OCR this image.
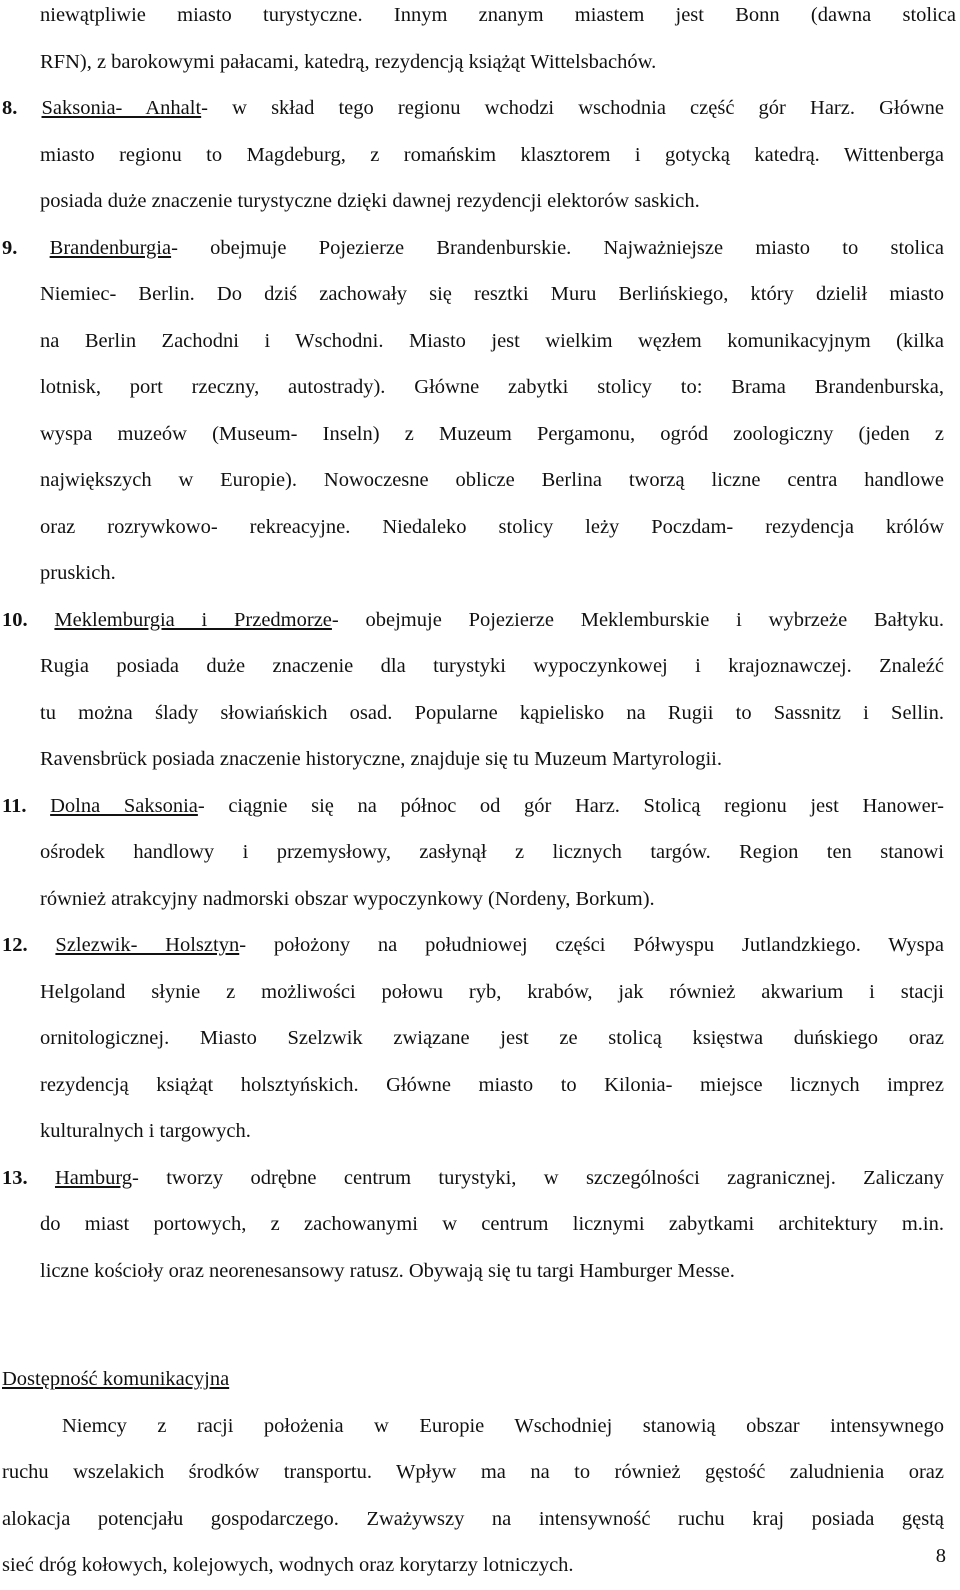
niewątpliwie miasto turystyczne. Innym znanym miastem jest Bonn (dawna stolica
RFN), z barokowymi pałacami, katedrą, rezydencją książąt Wittelsbachów.
8. Saksonia- Anhalt- w skład tego regionu wchodzi wschodnia część gór Harz. Główne
miasto regionu to Magdeburg, z romańskim klasztorem i gotycką katedrą. Wittenberga
posiada duże znaczenie turystyczne dzięki dawnej rezydencji elektorów saskich.
9. Brandenburgia- obejmuje Pojezierze Brandenburskie. Najważniejsze miasto to stolica
Niemiec- Berlin. Do dziś zachowały się resztki Muru Berlińskiego, który dzielił miasto
na Berlin Zachodni i Wschodni. Miasto jest wielkim węzłem komunikacyjnym (kilka
lotnisk, port rzeczny, autostrady). Główne zabytki stolicy to: Brama Brandenburska,
wyspa muzeów (Museum- Inseln) z Muzeum Pergamonu, ogród zoologiczny (jeden z
największych w Europie). Nowoczesne oblicze Berlina tworzą liczne centra handlowe
oraz rozrywkowo- rekreacyjne. Niedaleko stolicy leży Poczdam- rezydencja królów
pruskich.
10. Meklemburgia i Przedmorze- obejmuje Pojezierze Meklemburskie i wybrzeże Bałtyku.
Rugia posiada duże znaczenie dla turystyki wypoczynkowej i krajoznawczej. Znaleźć
tu można ślady słowiańskich osad. Popularne kąpielisko na Rugii to Sassnitz i Sellin.
Ravensbrück posiada znaczenie historyczne, znajduje się tu Muzeum Martyrologii.
11. Dolna Saksonia- ciągnie się na północ od gór Harz. Stolicą regionu jest Hanower-
ośrodek handlowy i przemysłowy, zasłynął z licznych targów. Region ten stanowi
również atrakcyjny nadmorski obszar wypoczynkowy (Nordeny, Borkum).
12. Szlezwik- Holsztyn- położony na południowej części Półwyspu Jutlandzkiego. Wyspa
Helgoland słynie z możliwości połowu ryb, krabów, jak również akwarium i stacji
ornitologicznej. Miasto Szelzwik związane jest ze stolicą księstwa duńskiego oraz
rezydencją książąt holsztyńskich. Główne miasto to Kilonia- miejsce licznych imprez
kulturalnych i targowych.
13. Hamburg- tworzy odrębne centrum turystyki, w szczególności zagranicznej. Zaliczany
do miast portowych, z zachowanymi w centrum licznymi zabytkami architektury m.in.
liczne kościoły oraz neorenesansowy ratusz. Obywają się tu targi Hamburger Messe.
Dostępność komunikacyjna
Niemcy z racji położenia w Europie Wschodniej stanowią obszar intensywnego
ruchu wszelakich środków transportu. Wpływ ma na to również gęstość zaludnienia oraz
alokacja potencjału gospodarczego. Zważywszy na intensywność ruchu kraj posiada gęstą
sieć dróg kołowych, kolejowych, wodnych oraz korytarzy lotniczych.	8
